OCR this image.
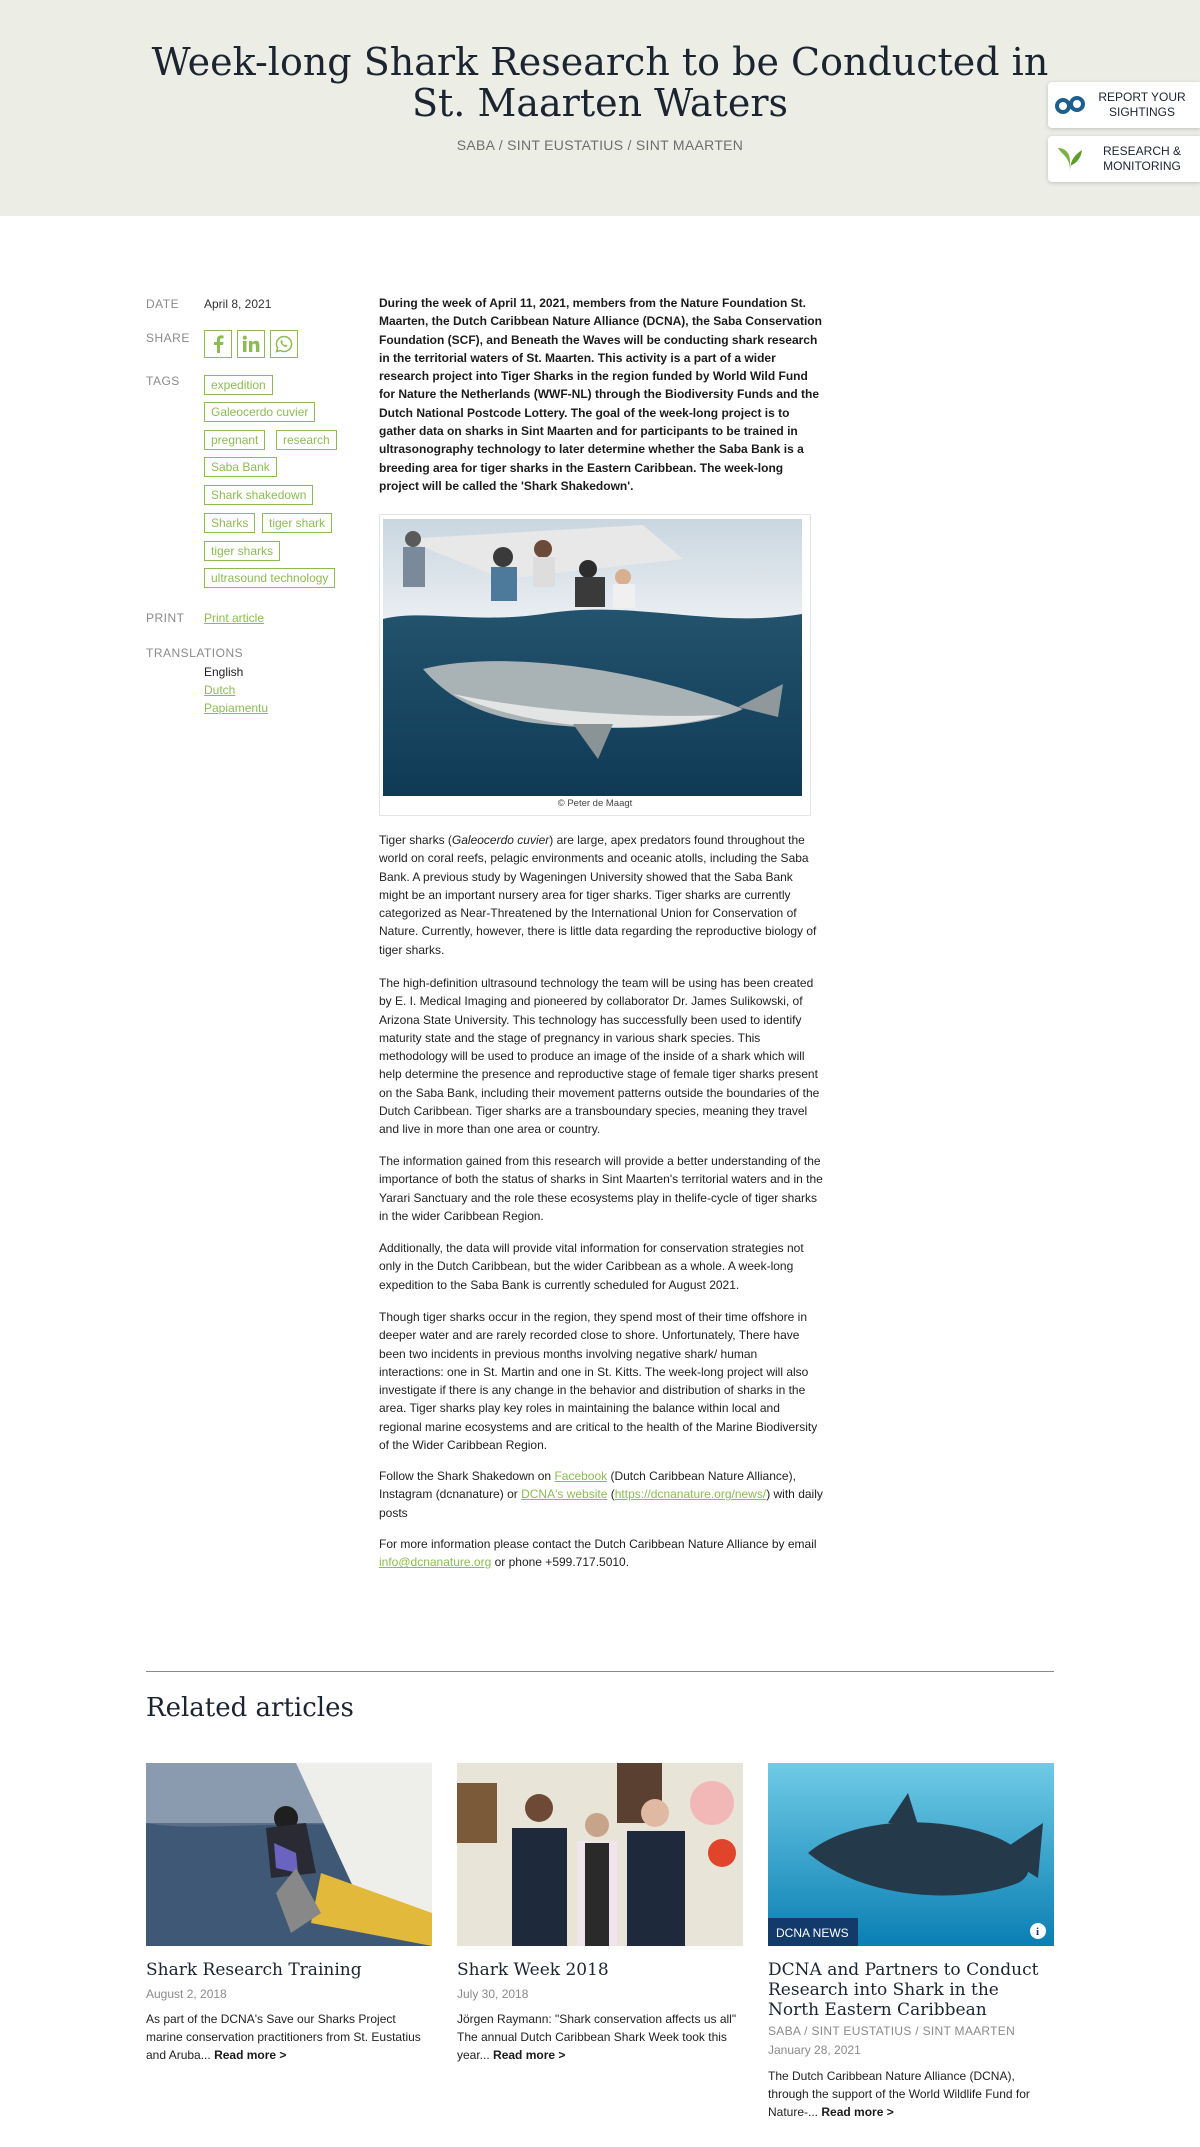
Week-long Shark Research to be Conducted in St. Maarten Waters
SABA / SINT EUSTATIUS / SINT MAARTEN
REPORT YOUR SIGHTINGS
RESEARCH & MONITORING
DATE April 8, 2021
SHARE
TAGS	expedition
Galeocerdo cuvier
pregnant	research
Saba Bank
Shark shakedown
Sharks	tiger shark
tiger sharks
ultrasound technology
PRINT Print article
TRANSLATIONS
English
Dutch
Papiamentu

During the week of April 11, 2021, members from the Nature Foundation St. Maarten, the Dutch Caribbean Nature Alliance (DCNA), the Saba Conservation Foundation (SCF), and Beneath the Waves will be conducting shark research in the territorial waters of St. Maarten. This activity is a part of a wider research project into Tiger Sharks in the region funded by World Wild Fund for Nature the Netherlands (WWF-NL) through the Biodiversity Funds and the Dutch National Postcode Lottery. The goal of the week-long project is to gather data on sharks in Sint Maarten and for participants to be trained in ultrasonography technology to later determine whether the Saba Bank is a breeding area for tiger sharks in the Eastern Caribbean. The week-long project will be called the 'Shark Shakedown'.

© Peter de Maagt

Tiger sharks (Galeocerdo cuvier) are large, apex predators found throughout the world on coral reefs, pelagic environments and oceanic atolls, including the Saba Bank. A previous study by Wageningen University showed that the Saba Bank might be an important nursery area for tiger sharks. Tiger sharks are currently categorized as Near-Threatened by the International Union for Conservation of Nature. Currently, however, there is little data regarding the reproductive biology of tiger sharks.

The high-definition ultrasound technology the team will be using has been created by E. I. Medical Imaging and pioneered by collaborator Dr. James Sulikowski, of Arizona State University. This technology has successfully been used to identify maturity state and the stage of pregnancy in various shark species. This methodology will be used to produce an image of the inside of a shark which will help determine the presence and reproductive stage of female tiger sharks present on the Saba Bank, including their movement patterns outside the boundaries of the Dutch Caribbean. Tiger sharks are a transboundary species, meaning they travel and live in more than one area or country.

The information gained from this research will provide a better understanding of the importance of both the status of sharks in Sint Maarten's territorial waters and in the Yarari Sanctuary and the role these ecosystems play in thelife-cycle of tiger sharks in the wider Caribbean Region.

Additionally, the data will provide vital information for conservation strategies not only in the Dutch Caribbean, but the wider Caribbean as a whole. A week-long expedition to the Saba Bank is currently scheduled for August 2021.

Though tiger sharks occur in the region, they spend most of their time offshore in deeper water and are rarely recorded close to shore. Unfortunately, There have been two incidents in previous months involving negative shark/ human interactions: one in St. Martin and one in St. Kitts. The week-long project will also investigate if there is any change in the behavior and distribution of sharks in the area. Tiger sharks play key roles in maintaining the balance within local and regional marine ecosystems and are critical to the health of the Marine Biodiversity of the Wider Caribbean Region.

Follow the Shark Shakedown on Facebook (Dutch Caribbean Nature Alliance), Instagram (dcnanature) or DCNA's website (https://dcnanature.org/news/) with daily posts

For more information please contact the Dutch Caribbean Nature Alliance by email info@dcnanature.org or phone +599.717.5010.

Related articles
Shark Research Training
August 2, 2018

As part of the DCNA's Save our Sharks Project marine conservation practitioners from St. Eustatius and Aruba... Read more >

Shark Week 2018
July 30, 2018

Jörgen Raymann: "Shark conservation affects us all" The annual Dutch Caribbean Shark Week took this year... Read more >

DCNA NEWS	i
DCNA and Partners to Conduct Research into Shark in the North Eastern Caribbean
SABA / SINT EUSTATIUS / SINT MAARTEN
January 28, 2021

The Dutch Caribbean Nature Alliance (DCNA), through the support of the World Wildlife Fund for Nature-... Read more >
